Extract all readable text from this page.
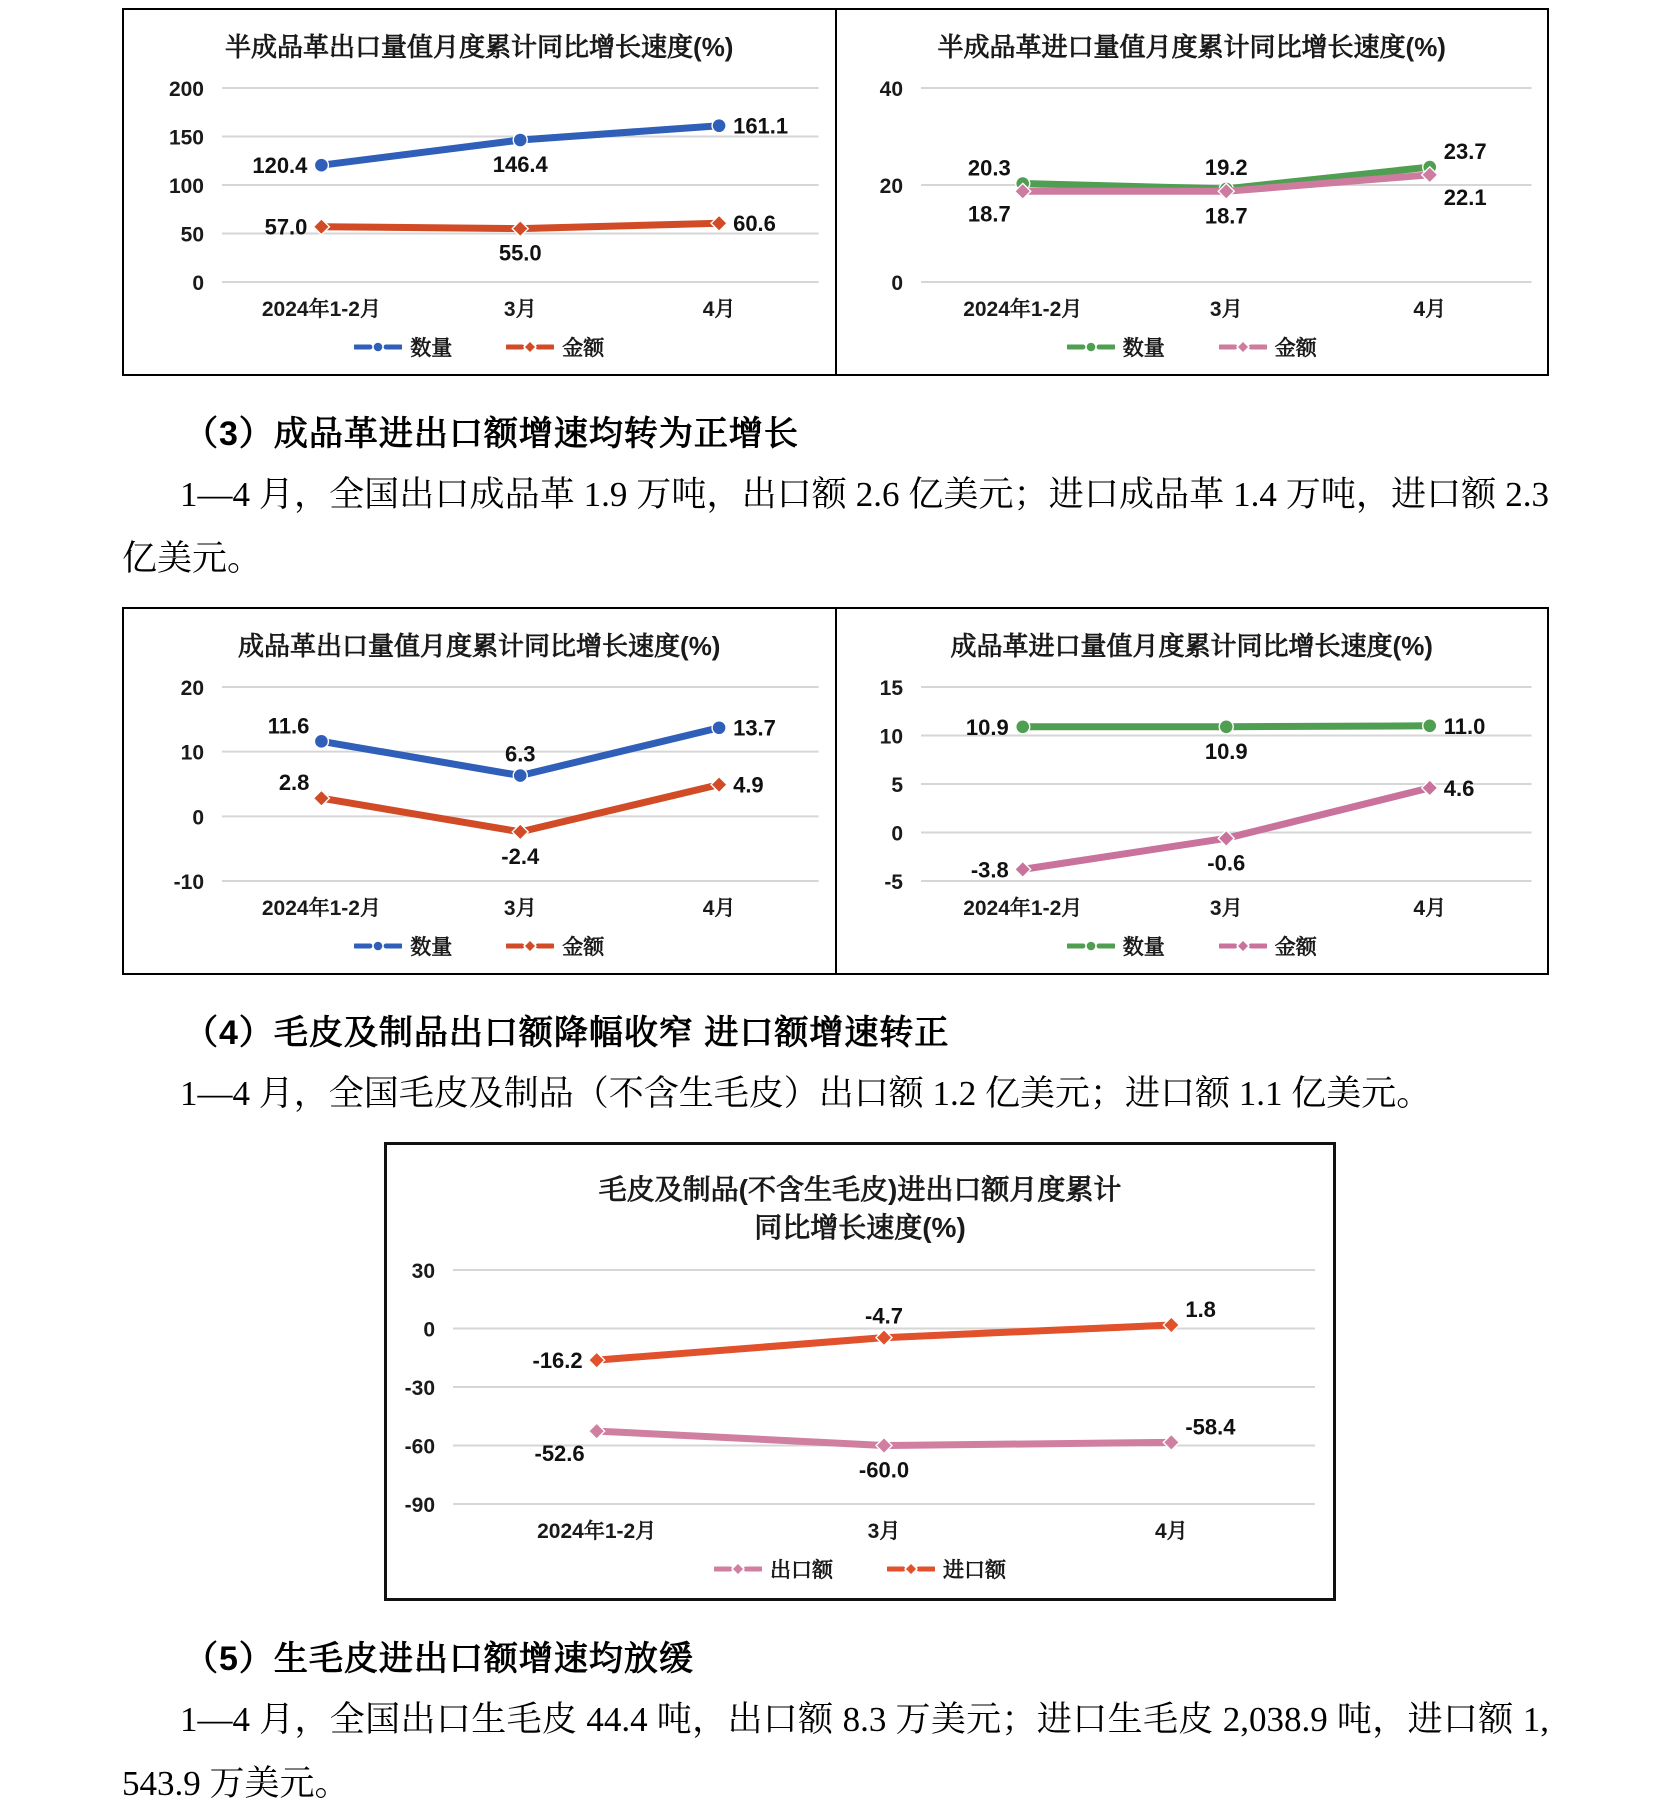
半成品革出口量值月度累计同比增长速度(%)
200
150
100
50
0
2024年1-2月	3月	4月
120.4	146.4
161.1
57.0
55.0
60.6
数量	金额
半成品革进口量值月度累计同比增长速度(%)
40
20
0
2024年1-2月	3月	4月
20.3	19.2
23.7
18.7	18.7
22.1
数量	金额
（3）成品革进出口额增速均转为正增长
1—4 月，全国出口成品革 1.9 万吨，出口额 2.6 亿美元；进口成品革 1.4 万吨，进口额 2.3 亿美元。
成品革出口量值月度累计同比增长速度(%)
20
10
0
-10
2024年1-2月	3月	4月
11.6
6.3
13.7
2.8
-2.4
4.9
数量	金额
成品革进口量值月度累计同比增长速度(%)
15
10
5
0
-5
2024年1-2月	3月	4月
10.9
10.9
11.0
-3.8	-0.6
4.6
数量	金额
（4）毛皮及制品出口额降幅收窄 进口额增速转正
1—4 月，全国毛皮及制品（不含生毛皮）出口额 1.2 亿美元；进口额 1.1 亿美元。
毛皮及制品(不含生毛皮)进出口额月度累计同比增长速度(%)
30
0
-30
-60
-90
2024年1-2月	3月	4月
-52.6
-60.0
-58.4
-16.2
-4.7	1.8
出口额	进口额
（5）生毛皮进出口额增速均放缓
1—4 月，全国出口生毛皮 44.4 吨，出口额 8.3 万美元；进口生毛皮 2,038.9 吨，进口额 1,543.9 万美元。
